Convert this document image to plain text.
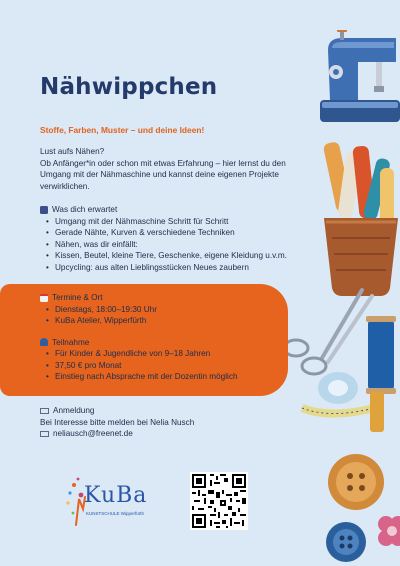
Nähwippchen
Stoffe, Farben, Muster – und deine Ideen!

Lust aufs Nähen?

Ob Anfänger*in oder schon mit etwas Erfahrung – hier lernst du den Umgang mit der Nähmaschine und kannst deine eigenen Projekte verwirklichen.

Was dich erwartet
• Umgang mit der Nähmaschine Schritt für Schritt
• Gerade Nähte, Kurven & verschiedene Techniken
• Nähen, was dir einfällt:
• Kissen, Beutel, kleine Tiere, Geschenke, eigene Kleidung u.v.m.
• Upcycling: aus alten Lieblingsstücken Neues zaubern
Termine & Ort
• Dienstags, 18:00–19:30 Uhr
• KuBa Atelier, Wipperfürth
Teilnahme
• Für Kinder & Jugendliche von 9–18 Jahren
• 37,50 € pro Monat
• Einstieg nach Absprache mit der Dozentin möglich
Anmeldung
Bei Interesse bitte melden bei Nelia Nusch
neliausch@freenet.de
KuBa
KUNSTSCHULE Wipperfürth
